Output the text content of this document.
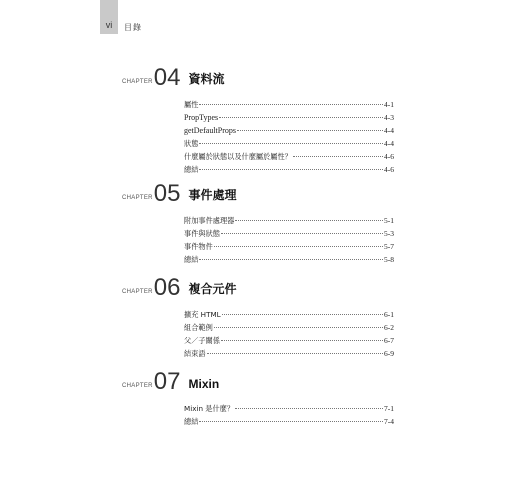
vi 目錄
CHAPTER 04 資料流
屬性	4-1
PropTypes	4-3
getDefaultProps	4-4
狀態	4-4
什麼屬於狀態以及什麼屬於屬性？	4-6
總結	4-6
CHAPTER 05 事件處理
附加事件處理器	5-1
事件與狀態	5-3
事件物件	5-7
總結	5-8
CHAPTER 06 複合元件
擴充 HTML	6-1
組合範例	6-2
父／子關係	6-7
結束語	6-9
CHAPTER 07 Mixin
Mixin 是什麼？	7-1
總結	7-4
